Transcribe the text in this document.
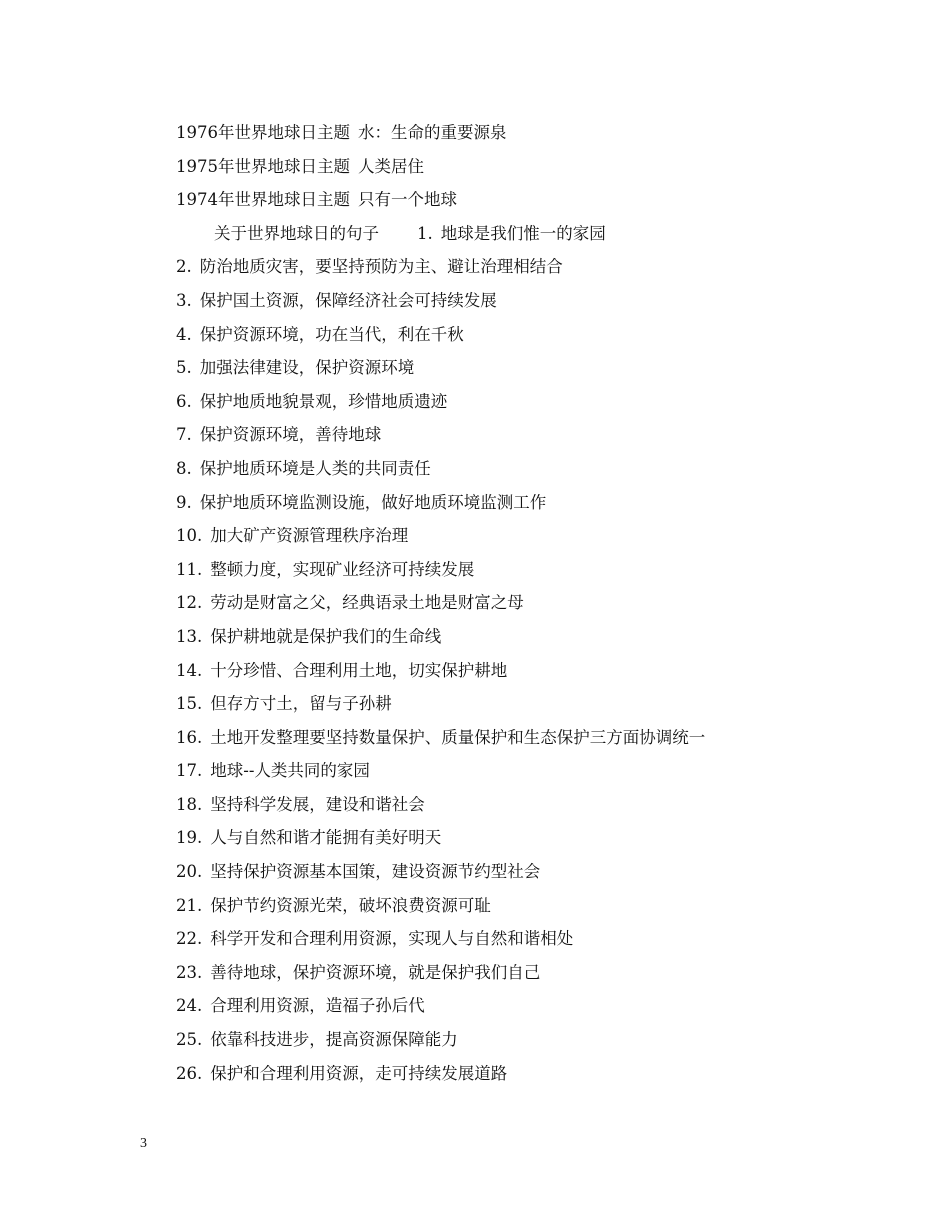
1976年世界地球日主题 水：生命的重要源泉
1975年世界地球日主题 人类居住
1974年世界地球日主题 只有一个地球
关于世界地球日的句子 1. 地球是我们惟一的家园
2. 防治地质灾害，要坚持预防为主、避让治理相结合
3. 保护国土资源，保障经济社会可持续发展
4. 保护资源环境，功在当代，利在千秋
5. 加强法律建设，保护资源环境
6. 保护地质地貌景观，珍惜地质遗迹
7. 保护资源环境，善待地球
8. 保护地质环境是人类的共同责任
9. 保护地质环境监测设施，做好地质环境监测工作
10. 加大矿产资源管理秩序治理
11. 整顿力度，实现矿业经济可持续发展
12. 劳动是财富之父，经典语录土地是财富之母
13. 保护耕地就是保护我们的生命线
14. 十分珍惜、合理利用土地，切实保护耕地
15. 但存方寸土，留与子孙耕
16. 土地开发整理要坚持数量保护、质量保护和生态保护三方面协调统一
17. 地球--人类共同的家园
18. 坚持科学发展，建设和谐社会
19. 人与自然和谐才能拥有美好明天
20. 坚持保护资源基本国策，建设资源节约型社会
21. 保护节约资源光荣，破坏浪费资源可耻
22. 科学开发和合理利用资源，实现人与自然和谐相处
23. 善待地球，保护资源环境，就是保护我们自己
24. 合理利用资源，造福子孙后代
25. 依靠科技进步，提高资源保障能力
26. 保护和合理利用资源，走可持续发展道路
3
